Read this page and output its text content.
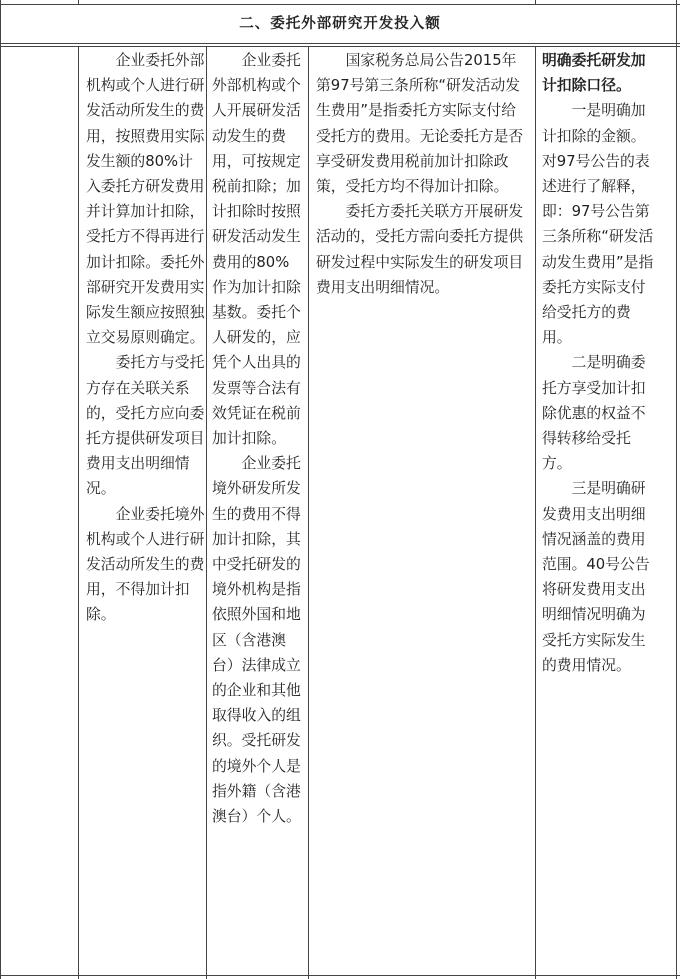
二、委托外部研究开发投入额

企业委托外部机构或个人进行研发活动所发生的费用，按照费用实际发生额的80%计入委托方研发费用并计算加计扣除，受托方不得再进行加计扣除。委托外部研究开发费用实际发生额应按照独立交易原则确定。

委托方与受托方存在关联关系的，受托方应向委托方提供研发项目费用支出明细情况。

企业委托境外机构或个人进行研发活动所发生的费用，不得加计扣除。

企业委托外部机构或个人开展研发活动发生的费用，可按规定税前扣除；加计扣除时按照研发活动发生费用的80%作为加计扣除基数。委托个人研发的，应凭个人出具的发票等合法有效凭证在税前加计扣除。

企业委托境外研发所发生的费用不得加计扣除，其中受托研发的境外机构是指依照外国和地区（含港澳台）法律成立的企业和其他取得收入的组织。受托研发的境外个人是指外籍（含港澳台）个人。

国家税务总局公告2015年第97号第三条所称“研发活动发生费用”是指委托方实际支付给受托方的费用。无论委托方是否享受研发费用税前加计扣除政策，受托方均不得加计扣除。

委托方委托关联方开展研发活动的，受托方需向委托方提供研发过程中实际发生的研发项目费用支出明细情况。

明确委托研发加计扣除口径。

一是明确加计扣除的金额。对97号公告的表述进行了解释，即：97号公告第三条所称“研发活动发生费用”是指委托方实际支付给受托方的费用。

二是明确委托方享受加计扣除优惠的权益不得转移给受托方。

三是明确研发费用支出明细情况涵盖的费用范围。40号公告将研发费用支出明细情况明确为受托方实际发生的费用情况。
